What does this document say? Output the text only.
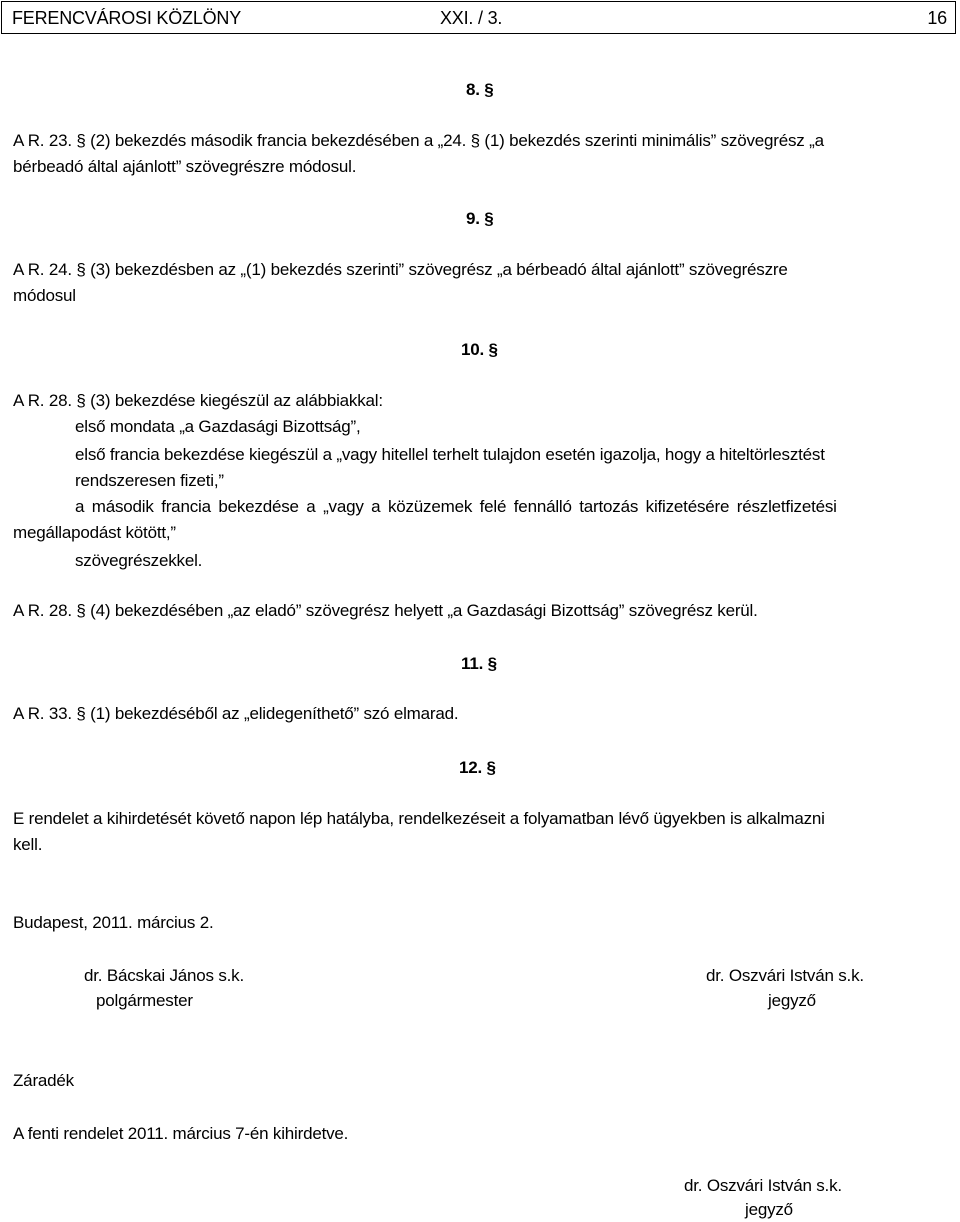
FERENCVÁROSI KÖZLÖNY	XXI. / 3.	16
8. §
A R. 23. § (2) bekezdés második francia bekezdésében a „24. § (1) bekezdés szerinti minimális” szövegrész „a
bérbeadó által ajánlott” szövegrészre módosul.
9. §
A R. 24. § (3) bekezdésben az „(1) bekezdés szerinti” szövegrész „a bérbeadó által ajánlott” szövegrészre
módosul
10. §
A R. 28. § (3) bekezdése kiegészül az alábbiakkal:
első mondata „a Gazdasági Bizottság”,
első francia bekezdése kiegészül a „vagy hitellel terhelt tulajdon esetén igazolja, hogy a hiteltörlesztést
rendszeresen fizeti,”
a második francia bekezdése a „vagy a közüzemek felé fennálló tartozás kifizetésére részletfizetési
megállapodást kötött,”
szövegrészekkel.
A R. 28. § (4) bekezdésében „az eladó” szövegrész helyett „a Gazdasági Bizottság” szövegrész kerül.
11. §
A R. 33. § (1) bekezdéséből az „elidegeníthető” szó elmarad.
12. §
E rendelet a kihirdetését követő napon lép hatályba, rendelkezéseit a folyamatban lévő ügyekben is alkalmazni
kell.
Budapest, 2011. március 2.
dr. Bácskai János s.k.
polgármester
dr. Oszvári István s.k.
jegyző
Záradék
A fenti rendelet 2011. március 7-én kihirdetve.
dr. Oszvári István s.k.
jegyző
